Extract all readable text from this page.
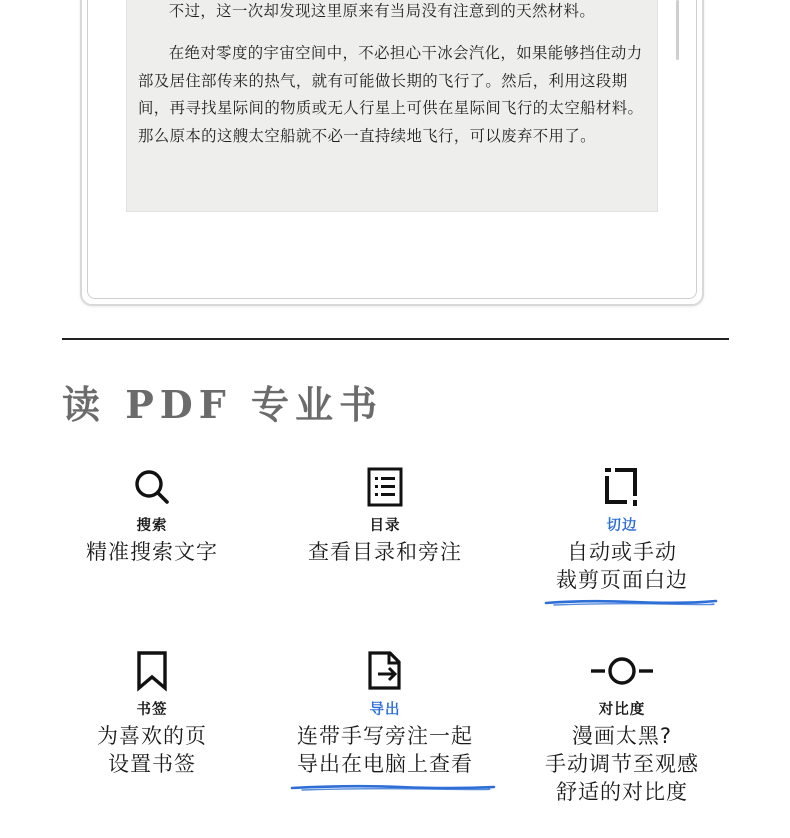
不过，这一次却发现这里原来有当局没有注意到的天然材料。

在绝对零度的宇宙空间中，不必担心干冰会汽化，如果能够挡住动力部及居住部传来的热气，就有可能做长期的飞行了。然后，利用这段期间，再寻找星际间的物质或无人行星上可供在星际间飞行的太空船材料。那么原本的这艘太空船就不必一直持续地飞行，可以废弃不用了。

读 PDF 专业书
搜索
精准搜索文字
目录
查看目录和旁注
切边
自动或手动
裁剪页面白边
书签
为喜欢的页
设置书签
导出
连带手写旁注一起
导出在电脑上查看
对比度
漫画太黑?
手动调节至观感
舒适的对比度
